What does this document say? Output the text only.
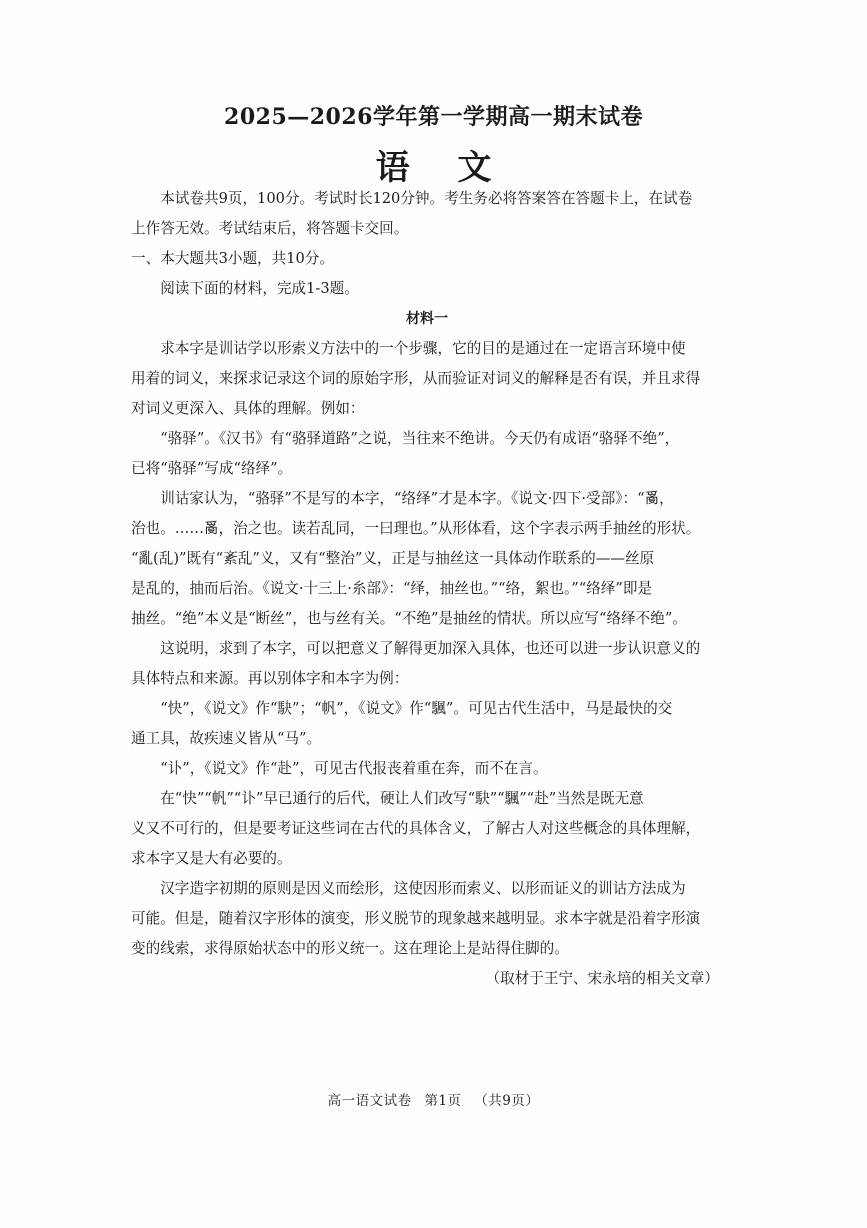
2025—2026学年第一学期高一期末试卷
语 文

本试卷共9页，100分。考试时长120分钟。考生务必将答案答在答题卡上，在试卷

上作答无效。考试结束后，将答题卡交回。

一、本大题共3小题，共10分。

阅读下面的材料，完成1-3题。

材料一

求本字是训诂学以形索义方法中的一个步骤，它的目的是通过在一定语言环境中使

用着的词义，来探求记录这个词的原始字形，从而验证对词义的解释是否有误，并且求得

对词义更深入、具体的理解。例如：

“骆驿”。《汉书》有“骆驿道路”之说，当往来不绝讲。今天仍有成语“骆驿不绝”，

已将“骆驿”写成“络绎”。

训诂家认为，“骆驿”不是写的本字，“络绎”才是本字。《说文·四下·受部》：“𤔔，

治也。……𤔔，治之也。读若乱同，一曰理也。”从形体看，这个字表示两手抽丝的形状。

“亂(乱)”既有“紊乱”义，又有“整治”义，正是与抽丝这一具体动作联系的——丝原

是乱的，抽而后治。《说文·十三上·糸部》：“绎，抽丝也。”“络，絮也。”“络绎”即是

抽丝。“绝”本义是“断丝”，也与丝有关。“不绝”是抽丝的情状。所以应写“络绎不绝”。

这说明，求到了本字，可以把意义了解得更加深入具体，也还可以进一步认识意义的

具体特点和来源。再以别体字和本字为例：

“快”，《说文》作“駃”；“帆”，《说文》作“颿”。可见古代生活中，马是最快的交

通工具，故疾速义皆从“马”。

“讣”，《说文》作“赴”，可见古代报丧着重在奔，而不在言。

在“快”“帆”“讣”早已通行的后代，硬让人们改写“駃”“颿”“赴”当然是既无意

义又不可行的，但是要考证这些词在古代的具体含义，了解古人对这些概念的具体理解，

求本字又是大有必要的。

汉字造字初期的原则是因义而绘形，这使因形而索义、以形而证义的训诂方法成为

可能。但是，随着汉字形体的演变，形义脱节的现象越来越明显。求本字就是沿着字形演

变的线索，求得原始状态中的形义统一。这在理论上是站得住脚的。

（取材于王宁、宋永培的相关文章）

高一语文试卷 第1页 （共9页）
